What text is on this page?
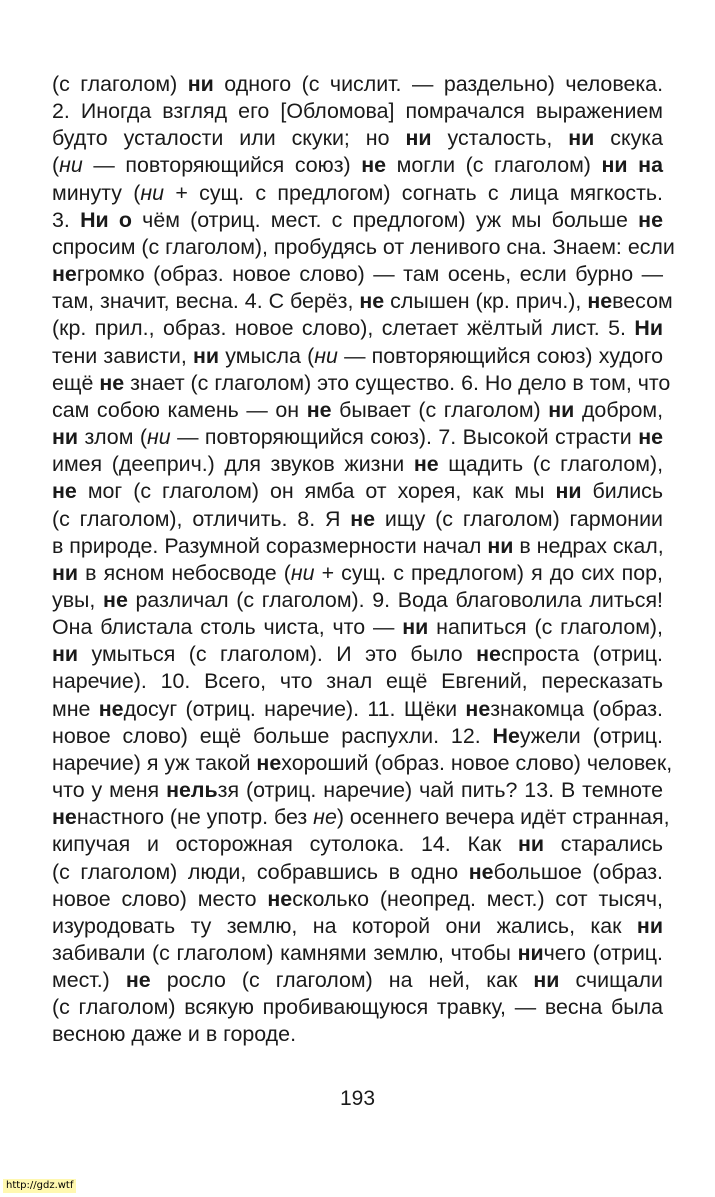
(с глаголом) ни одного (с числит. — раздельно) человека.
2. Иногда взгляд его [Обломова] помрачался выражением
будто усталости или скуки; но ни усталость, ни скука
(ни — повторяющийся союз) не могли (с глаголом) ни на
минуту (ни + сущ. с предлогом) согнать с лица мягкость.
3. Ни о чём (отриц. мест. с предлогом) уж мы больше не
спросим (с глаголом), пробудясь от ленивого сна. Знаем: если
негромко (образ. новое слово) — там осень, если бурно —
там, значит, весна. 4. С берёз, не слышен (кр. прич.), невесом
(кр. прил., образ. новое слово), слетает жёлтый лист. 5. Ни
тени зависти, ни умысла (ни — повторяющийся союз) худого
ещё не знает (с глаголом) это существо. 6. Но дело в том, что
сам собою камень — он не бывает (с глаголом) ни добром,
ни злом (ни — повторяющийся союз). 7. Высокой страсти не
имея (дееприч.) для звуков жизни не щадить (с глаголом),
не мог (с глаголом) он ямба от хорея, как мы ни бились
(с глаголом), отличить. 8. Я не ищу (с глаголом) гармонии
в природе. Разумной соразмерности начал ни в недрах скал,
ни в ясном небосводе (ни + сущ. с предлогом) я до сих пор,
увы, не различал (с глаголом). 9. Вода благоволила литься!
Она блистала столь чиста, что — ни напиться (с глаголом),
ни умыться (с глаголом). И это было неспроста (отриц.
наречие). 10. Всего, что знал ещё Евгений, пересказать
мне недосуг (отриц. наречие). 11. Щёки незнакомца (образ.
новое слово) ещё больше распухли. 12. Неужели (отриц.
наречие) я уж такой нехороший (образ. новое слово) человек,
что у меня нельзя (отриц. наречие) чай пить? 13. В темноте
ненастного (не употр. без не) осеннего вечера идёт странная,
кипучая и осторожная сутолока. 14. Как ни старались
(с глаголом) люди, собравшись в одно небольшое (образ.
новое слово) место несколько (неопред. мест.) сот тысяч,
изуродовать ту землю, на которой они жались, как ни
забивали (с глаголом) камнями землю, чтобы ничего (отриц.
мест.) не росло (с глаголом) на ней, как ни счищали
(с глаголом) всякую пробивающуюся травку, — весна была
весною даже и в городе.
193
http://gdz.wtf
